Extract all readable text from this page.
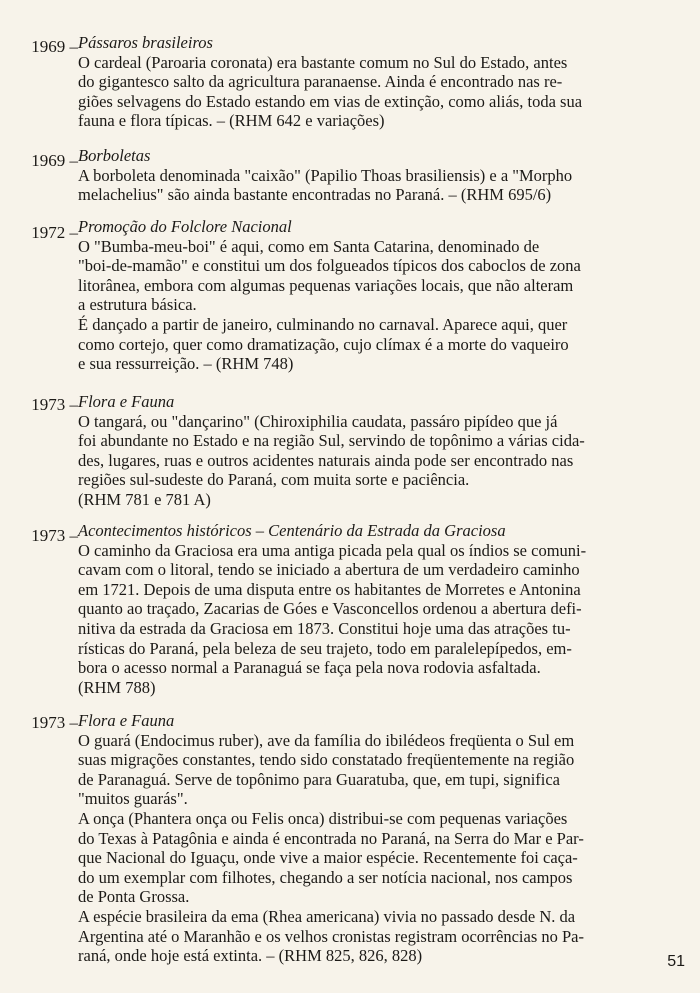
1969 – Pássaros brasileiros
O cardeal (Paroaria coronata) era bastante comum no Sul do Estado, antes
do gigantesco salto da agricultura paranaense. Ainda é encontrado nas re-
giões selvagens do Estado estando em vias de extinção, como aliás, toda sua
fauna e flora típicas. – (RHM 642 e variações)
1969 – Borboletas
A borboleta denominada "caixão" (Papilio Thoas brasiliensis) e a "Morpho
melachelius" são ainda bastante encontradas no Paraná. – (RHM 695/6)
1972 – Promoção do Folclore Nacional
O "Bumba-meu-boi" é aqui, como em Santa Catarina, denominado de
"boi-de-mamão" e constitui um dos folgueados típicos dos caboclos de zona
litorânea, embora com algumas pequenas variações locais, que não alteram
a estrutura básica.
É dançado a partir de janeiro, culminando no carnaval. Aparece aqui, quer
como cortejo, quer como dramatização, cujo clímax é a morte do vaqueiro
e sua ressurreição. – (RHM 748)
1973 – Flora e Fauna
O tangará, ou "dançarino" (Chiroxiphilia caudata, passáro pipídeo que já
foi abundante no Estado e na região Sul, servindo de topônimo a várias cida-
des, lugares, ruas e outros acidentes naturais ainda pode ser encontrado nas
regiões sul-sudeste do Paraná, com muita sorte e paciência.
(RHM 781 e 781 A)
1973 – Acontecimentos históricos – Centenário da Estrada da Graciosa
O caminho da Graciosa era uma antiga picada pela qual os índios se comuni-
cavam com o litoral, tendo se iniciado a abertura de um verdadeiro caminho
em 1721. Depois de uma disputa entre os habitantes de Morretes e Antonina
quanto ao traçado, Zacarias de Góes e Vasconcellos ordenou a abertura defi-
nitiva da estrada da Graciosa em 1873. Constitui hoje uma das atrações tu-
rísticas do Paraná, pela beleza de seu trajeto, todo em paralelepípedos, em-
bora o acesso normal a Paranaguá se faça pela nova rodovia asfaltada.
(RHM 788)
1973 – Flora e Fauna
O guará (Endocimus ruber), ave da família do ibilédeos freqüenta o Sul em
suas migrações constantes, tendo sido constatado freqüentemente na região
de Paranaguá. Serve de topônimo para Guaratuba, que, em tupi, significa
"muitos guarás".
A onça (Phantera onça ou Felis onca) distribui-se com pequenas variações
do Texas à Patagônia e ainda é encontrada no Paraná, na Serra do Mar e Par-
que Nacional do Iguaçu, onde vive a maior espécie. Recentemente foi caça-
do um exemplar com filhotes, chegando a ser notícia nacional, nos campos
de Ponta Grossa.
A espécie brasileira da ema (Rhea americana) vivia no passado desde N. da
Argentina até o Maranhão e os velhos cronistas registram ocorrências no Pa-
raná, onde hoje está extinta. – (RHM 825, 826, 828)	51
